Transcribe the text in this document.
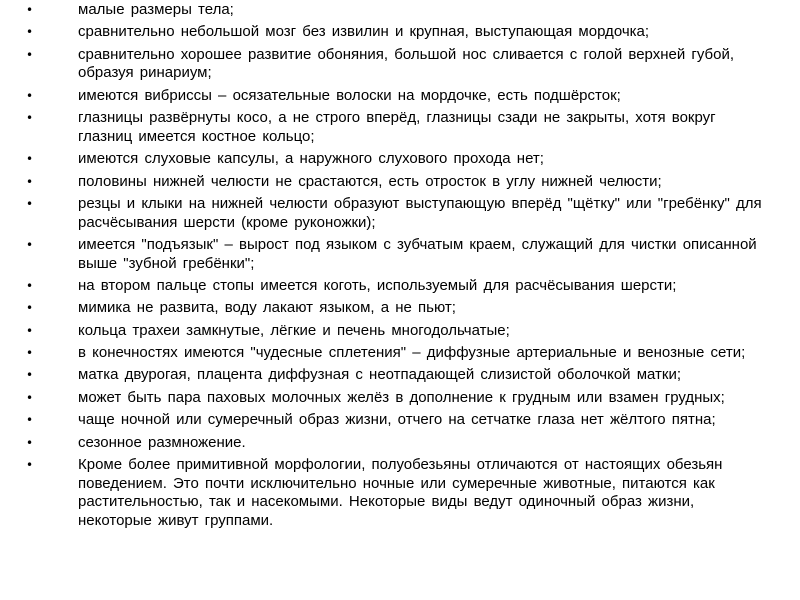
•	малые размеры тела;
•	сравнительно небольшой мозг без извилин и крупная, выступающая мордочка;
•	сравнительно хорошее развитие обоняния, большой нос сливается с голой верхней губой, образуя ринариум;
•	имеются вибриссы – осязательные волоски на мордочке, есть подшёрсток;
•	глазницы развёрнуты косо, а не строго вперёд, глазницы сзади не закрыты, хотя вокруг глазниц имеется костное кольцо;
•	имеются слуховые капсулы, а наружного слухового прохода нет;
•	половины нижней челюсти не срастаются, есть отросток в углу нижней челюсти;
•	резцы и клыки на нижней челюсти образуют выступающую вперёд "щётку" или "гребёнку" для расчёсывания шерсти (кроме руконожки);
•	имеется "подъязык" – вырост под языком с зубчатым краем, служащий для чистки описанной выше "зубной гребёнки";
•	на втором пальце стопы имеется коготь, используемый для расчёсывания шерсти;
•	мимика не развита, воду лакают языком, а не пьют;
•	кольца трахеи замкнутые, лёгкие и печень многодольчатые;
•	в конечностях имеются "чудесные сплетения" – диффузные артериальные и венозные сети;
•	матка двурогая, плацента диффузная с неотпадающей слизистой оболочкой матки;
•	может быть пара паховых молочных желёз в дополнение к грудным или взамен грудных;
•	чаще ночной или сумеречный образ жизни, отчего на сетчатке глаза нет жёлтого пятна;
•	сезонное размножение.
•	Кроме более примитивной морфологии, полуобезьяны отличаются от настоящих обезьян поведением. Это почти исключительно ночные или сумеречные животные, питаются как растительностью, так и насекомыми. Некоторые виды ведут одиночный образ жизни, некоторые живут группами.
